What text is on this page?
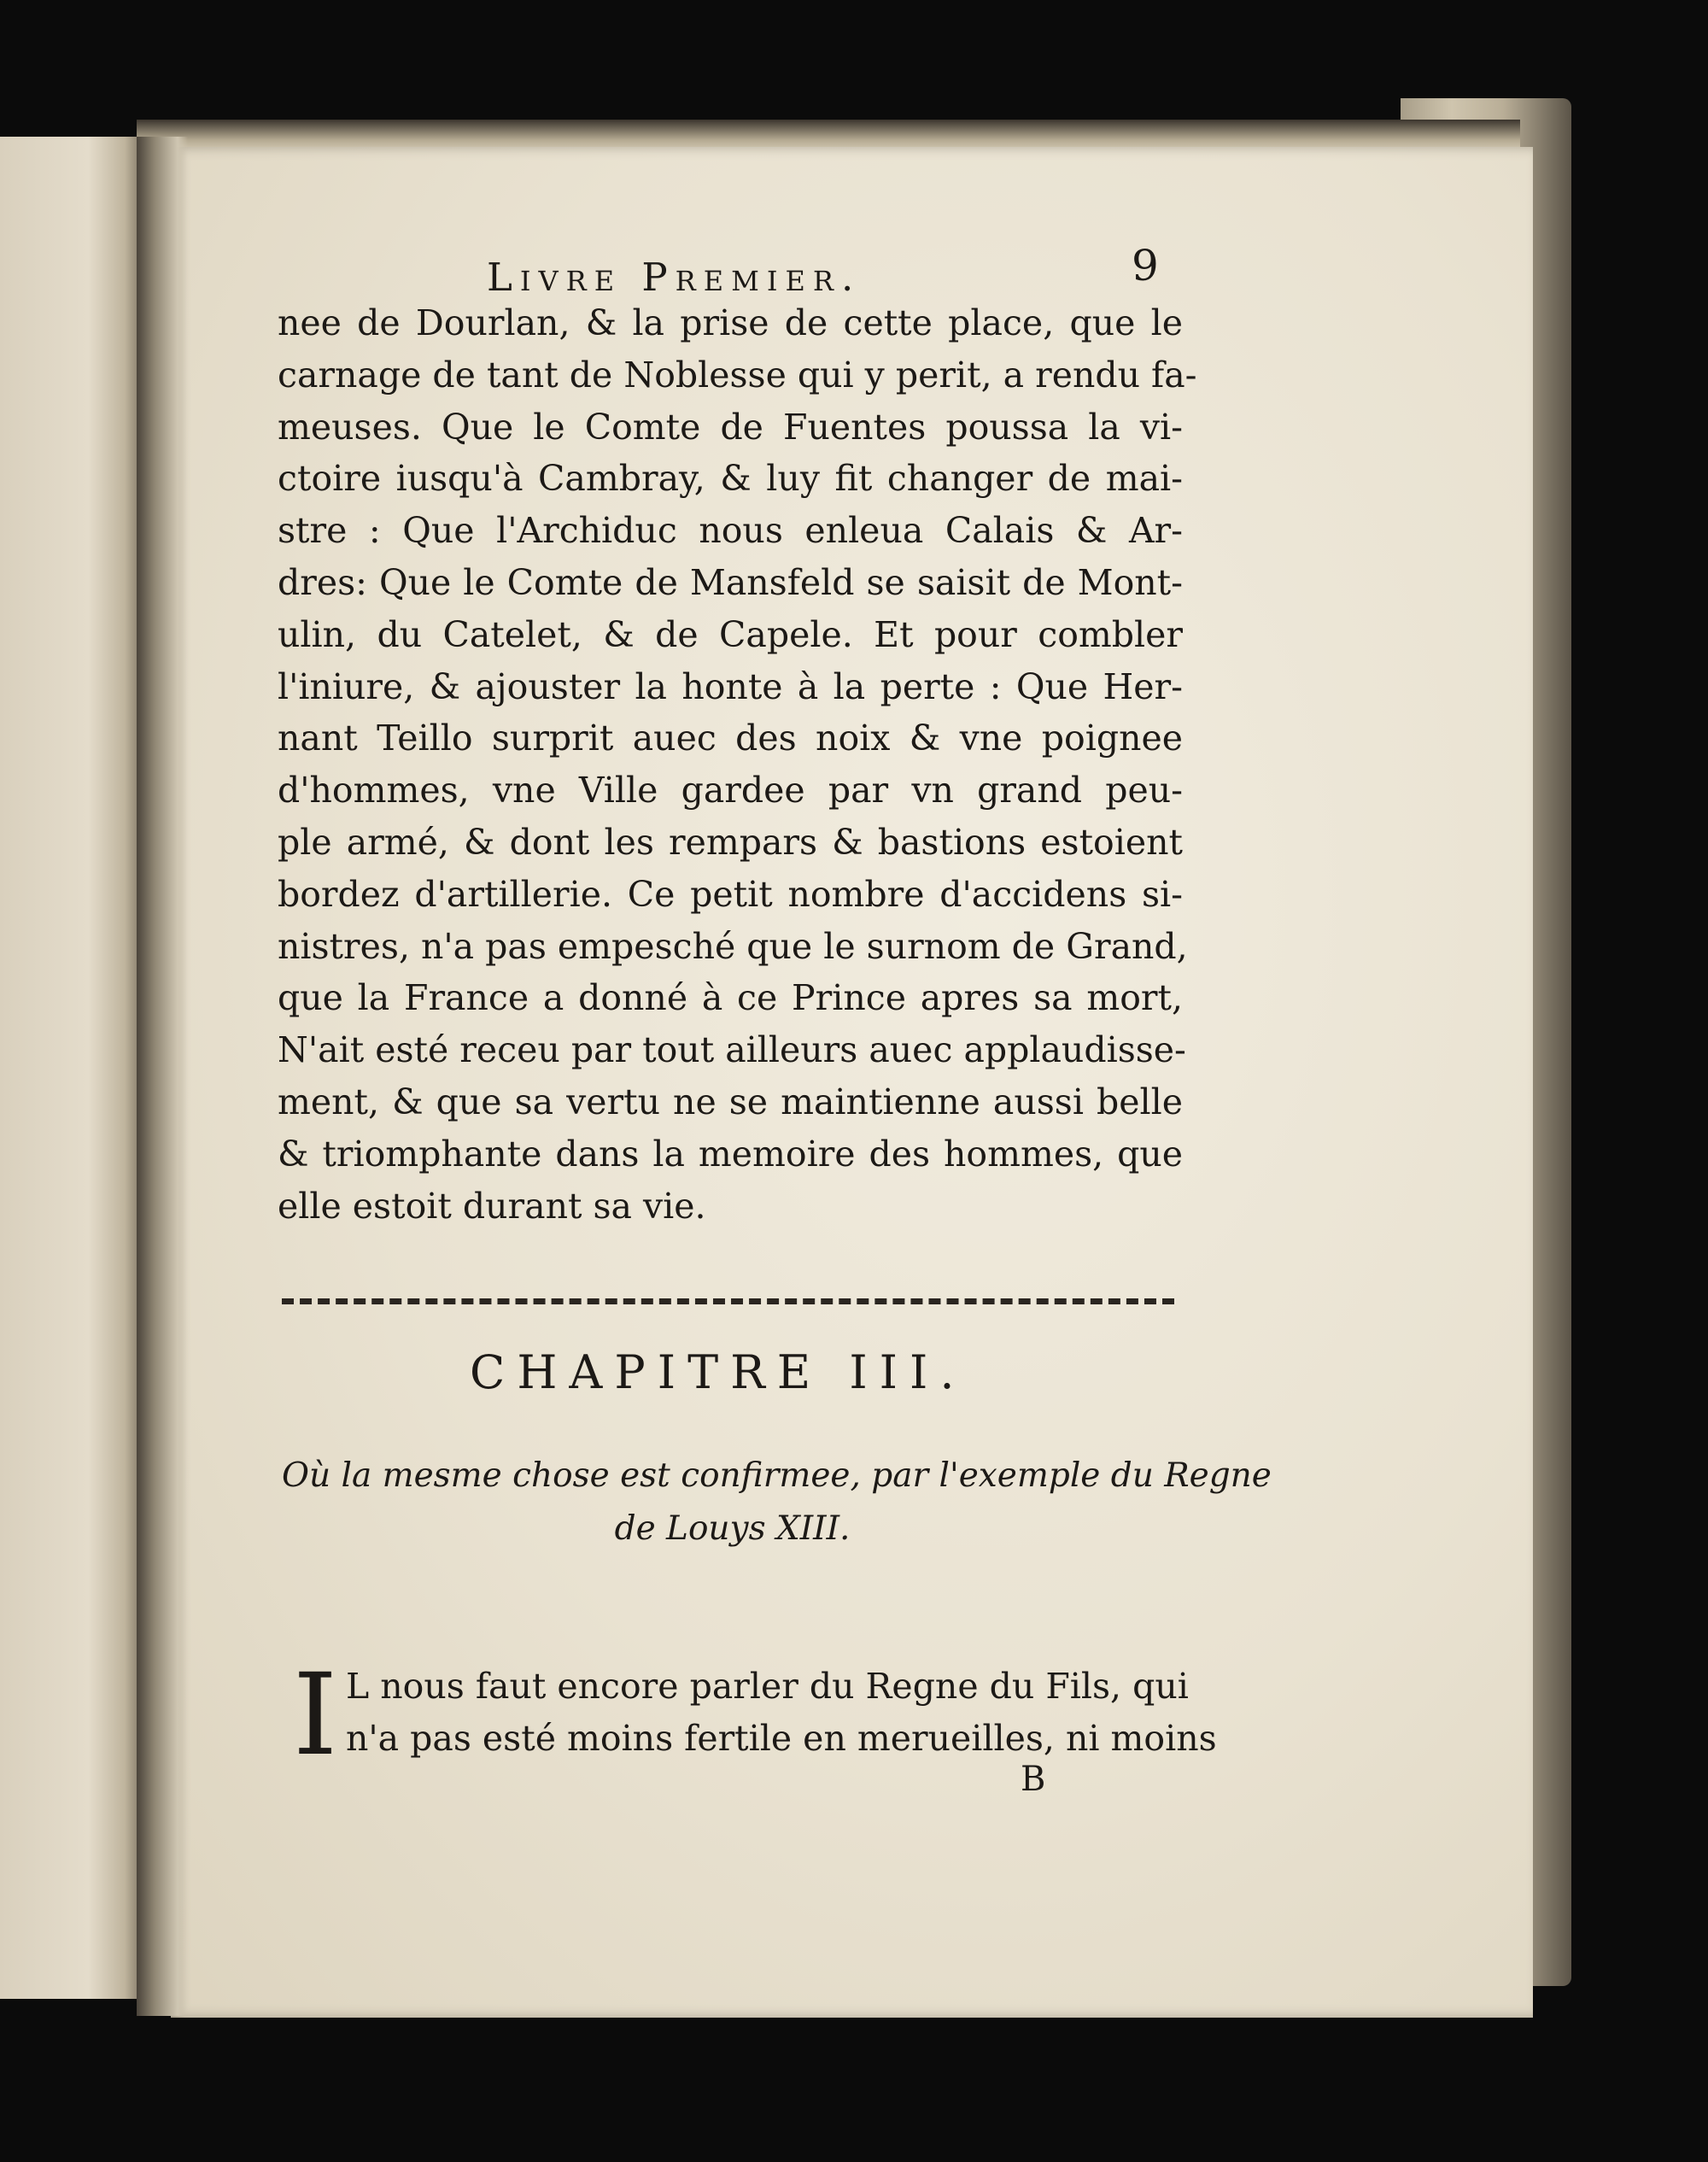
Livre Premier.	9
nee de Dourlan, & la prise de cette place, que le
carnage de tant de Noblesse qui y perit, a rendu fa-
meuses. Que le Comte de Fuentes poussa la vi-
ctoire iusqu'à Cambray, & luy fit changer de mai-
stre : Que l'Archiduc nous enleua Calais & Ar-
dres: Que le Comte de Mansfeld se saisit de Mont-
ulin, du Catelet, & de Capele. Et pour combler
l'iniure, & ajouster la honte à la perte : Que Her-
nant Teillo surprit auec des noix & vne poignee
d'hommes, vne Ville gardee par vn grand peu-
ple armé, & dont les rempars & bastions estoient
bordez d'artillerie. Ce petit nombre d'accidens si-
nistres, n'a pas empesché que le surnom de Grand,
que la France a donné à ce Prince apres sa mort,
N'ait esté receu par tout ailleurs auec applaudisse-
ment, & que sa vertu ne se maintienne aussi belle
& triomphante dans la memoire des hommes, que
elle estoit durant sa vie.
CHAPITRE III.
Où la mesme chose est confirmee, par l'exemple du Regne
de Louys XIII.
I L nous faut encore parler du Regne du Fils, qui
n'a pas esté moins fertile en merueilles, ni moins
B
